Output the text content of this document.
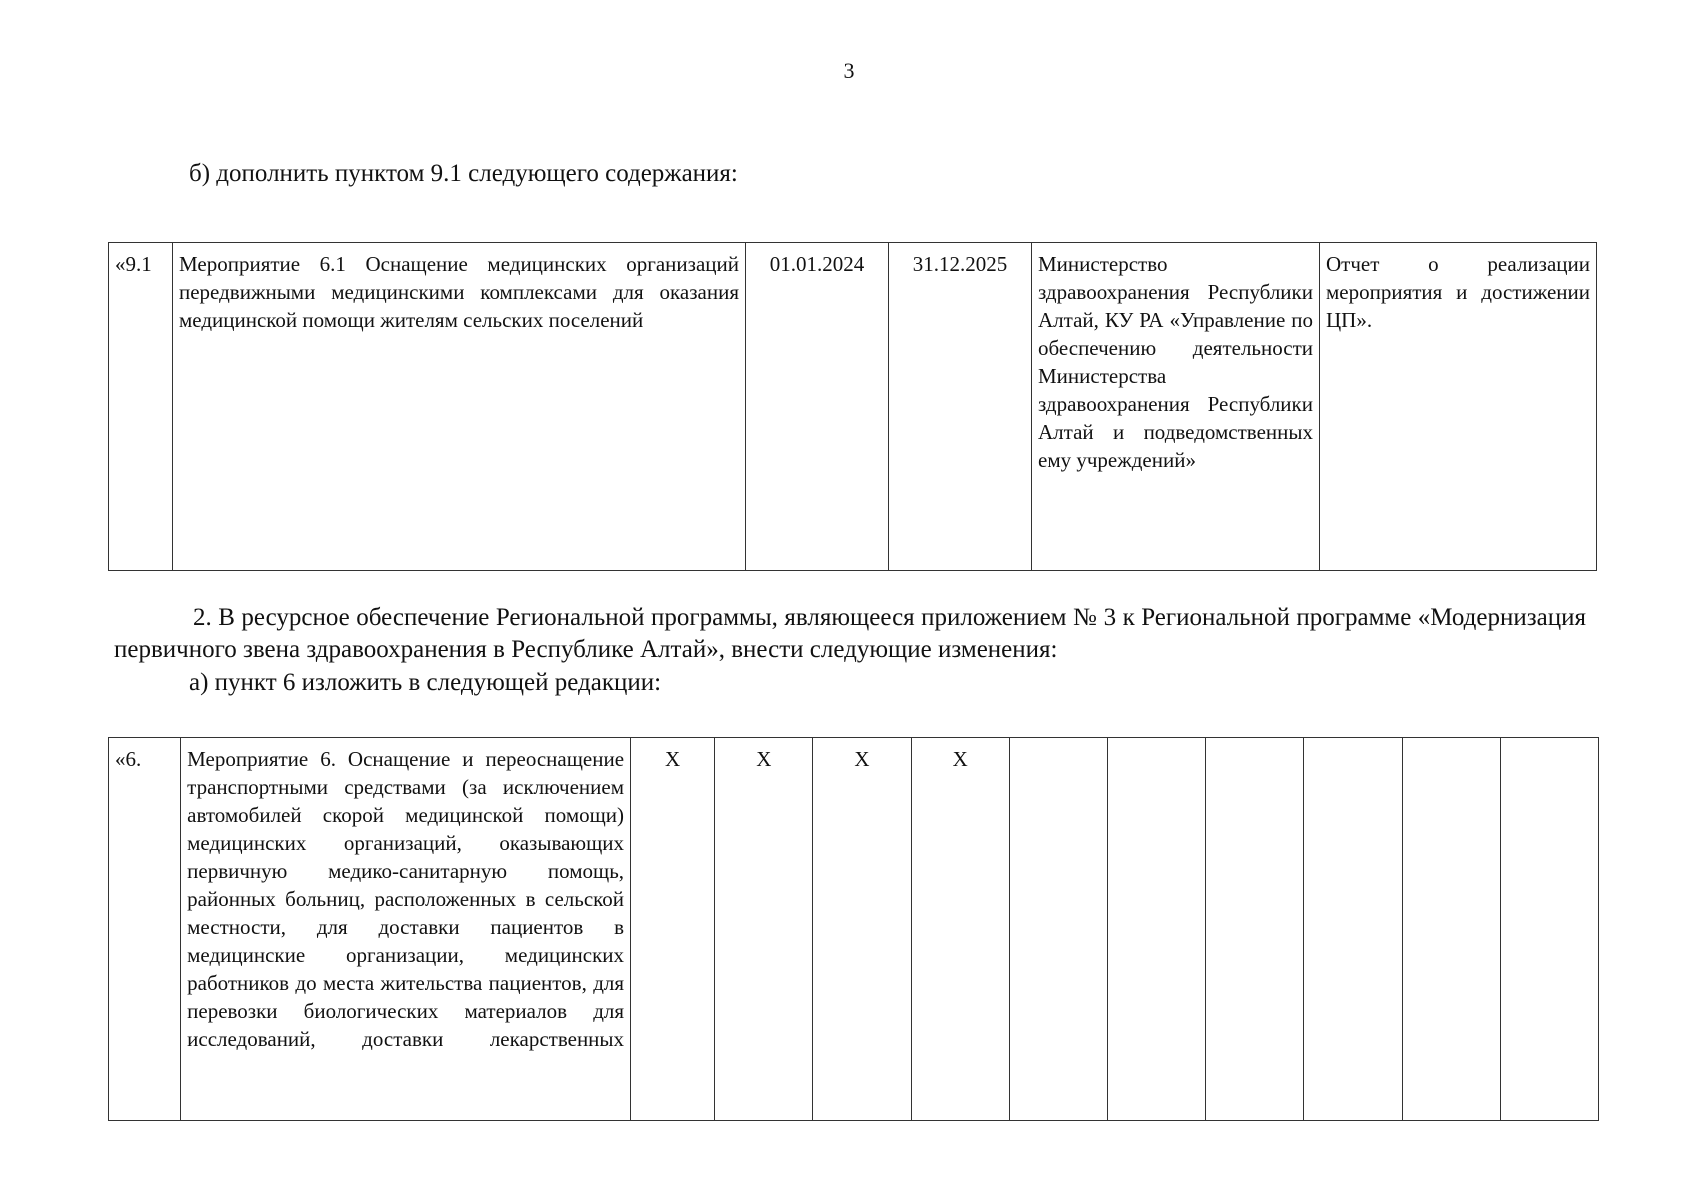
3
б) дополнить пунктом 9.1 следующего содержания:
«9.1	Мероприятие 6.1 Оснащение медицинских организаций передвижными медицинскими комплексами для оказания медицинской помощи жителям сельских поселений	01.01.2024	31.12.2025	Министерство здравоохранения Республики Алтай, КУ РА «Управление по обеспечению деятельности Министерства здравоохранения Республики Алтай и подведомственных ему учреждений»	Отчет о реализации мероприятия и достижении ЦП».
2. В ресурсное обеспечение Региональной программы, являющееся приложением № 3 к Региональной программе «Модернизация первичного звена здравоохранения в Республике Алтай», внести следующие изменения:
а) пункт 6 изложить в следующей редакции:
«6.	Мероприятие 6. Оснащение и переоснащение транспортными средствами (за исключением автомобилей скорой медицинской помощи) медицинских организаций, оказывающих первичную медико-санитарную помощь, районных больниц, расположенных в сельской местности, для доставки пациентов в медицинские организации, медицинских работников до места жительства пациентов, для перевозки биологических материалов для исследований, доставки лекарственных	X	X	X	X						
